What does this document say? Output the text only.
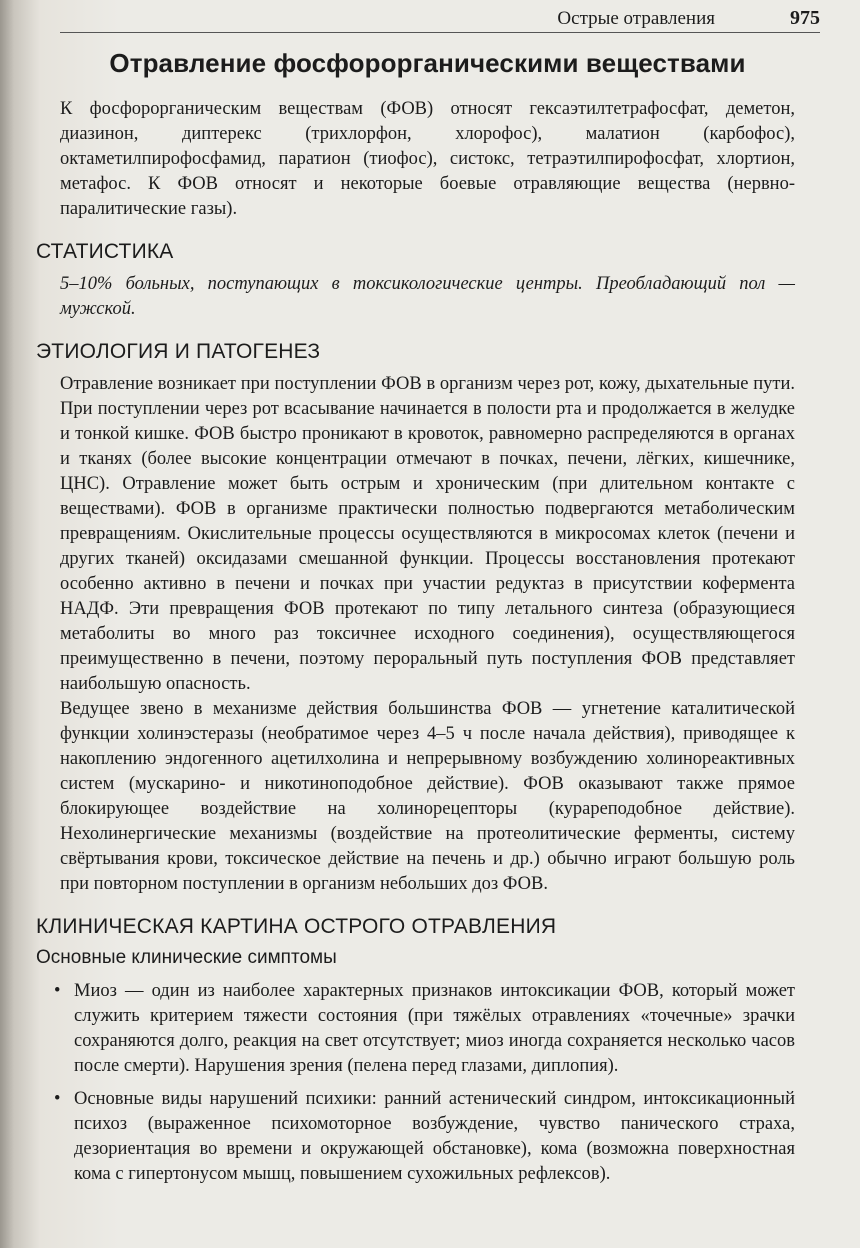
Острые отравления	975
Отравление фосфорорганическими веществами

К фосфорорганическим веществам (ФОВ) относят гексаэтилтетрафосфат, деметон, диазинон, диптерекс (трихлорфон, хлорофос), малатион (карбофос), октаметилпирофосфамид, паратион (тиофос), систокс, тетраэтилпирофосфат, хлортион, метафос. К ФОВ относят и некоторые боевые отравляющие вещества (нервно-паралитические газы).

СТАТИСТИКА

5–10% больных, поступающих в токсикологические центры. Преобладающий пол — мужской.

ЭТИОЛОГИЯ И ПАТОГЕНЕЗ

Отравление возникает при поступлении ФОВ в организм через рот, кожу, дыхательные пути. При поступлении через рот всасывание начинается в полости рта и продолжается в желудке и тонкой кишке. ФОВ быстро проникают в кровоток, равномерно распределяются в органах и тканях (более высокие концентрации отмечают в почках, печени, лёгких, кишечнике, ЦНС). Отравление может быть острым и хроническим (при длительном контакте с веществами). ФОВ в организме практически полностью подвергаются метаболическим превращениям. Окислительные процессы осуществляются в микросомах клеток (печени и других тканей) оксидазами смешанной функции. Процессы восстановления протекают особенно активно в печени и почках при участии редуктаз в присутствии кофермента НАДФ. Эти превращения ФОВ протекают по типу летального синтеза (образующиеся метаболиты во много раз токсичнее исходного соединения), осуществляющегося преимущественно в печени, поэтому пероральный путь поступления ФОВ представляет наибольшую опасность.

Ведущее звено в механизме действия большинства ФОВ — угнетение каталитической функции холинэстеразы (необратимое через 4–5 ч после начала действия), приводящее к накоплению эндогенного ацетилхолина и непрерывному возбуждению холинореактивных систем (мускарино- и никотиноподобное действие). ФОВ оказывают также прямое блокирующее воздействие на холинорецепторы (курареподобное действие). Нехолинергические механизмы (воздействие на протеолитические ферменты, систему свёртывания крови, токсическое действие на печень и др.) обычно играют большую роль при повторном поступлении в организм небольших доз ФОВ.

КЛИНИЧЕСКАЯ КАРТИНА ОСТРОГО ОТРАВЛЕНИЯ
Основные клинические симптомы
• Миоз — один из наиболее характерных признаков интоксикации ФОВ, который может служить критерием тяжести состояния (при тяжёлых отравлениях «точечные» зрачки сохраняются долго, реакция на свет отсутствует; миоз иногда сохраняется несколько часов после смерти). Нарушения зрения (пелена перед глазами, диплопия).
• Основные виды нарушений психики: ранний астенический синдром, интоксикационный психоз (выраженное психомоторное возбуждение, чувство панического страха, дезориентация во времени и окружающей обстановке), кома (возможна поверхностная кома с гипертонусом мышц, повышением сухожильных рефлексов).
